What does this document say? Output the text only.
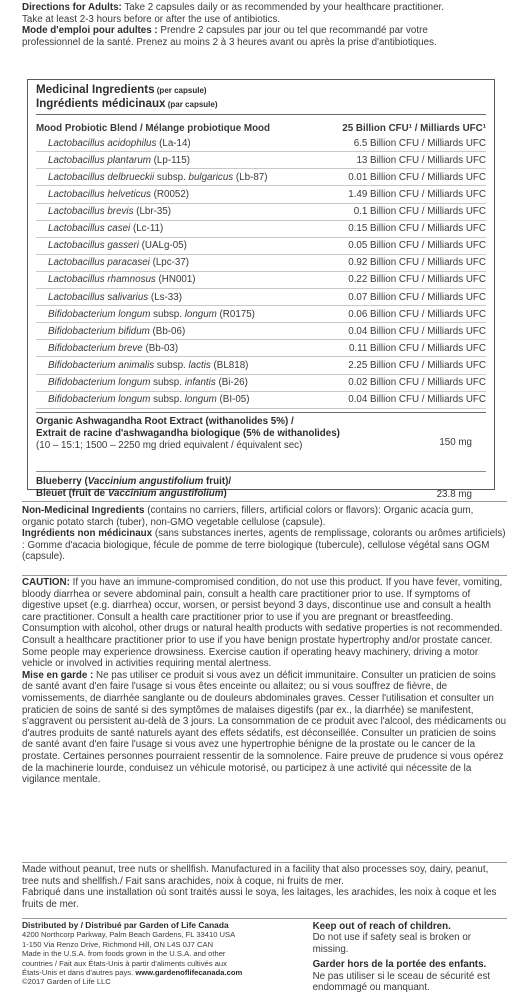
Directions for Adults: Take 2 capsules daily or as recommended by your healthcare practitioner.

Take at least 2-3 hours before or after the use of antibiotics.

Mode d'emploi pour adultes : Prendre 2 capsules par jour ou tel que recommandé par votre

professionnel de la santé. Prenez au moins 2 à 3 heures avant ou après la prise d'antibiotiques.

Medicinal Ingredients (per capsule)
Ingrédients médicinaux (par capsule)
Mood Probiotic Blend / Mélange probiotique Mood	25 Billion CFU¹ / Milliards UFC¹
Lactobacillus acidophilus (La-14)	6.5 Billion CFU / Milliards UFC
Lactobacillus plantarum (Lp-115)	13 Billion CFU / Milliards UFC
Lactobacillus delbrueckii subsp. bulgaricus (Lb-87)	0.01 Billion CFU / Milliards UFC
Lactobacillus helveticus (R0052)	1.49 Billion CFU / Milliards UFC
Lactobacillus brevis (Lbr-35)	0.1 Billion CFU / Milliards UFC
Lactobacillus casei (Lc-11)	0.15 Billion CFU / Milliards UFC
Lactobacillus gasseri (UALg-05)	0.05 Billion CFU / Milliards UFC
Lactobacillus paracasei (Lpc-37)	0.92 Billion CFU / Milliards UFC
Lactobacillus rhamnosus (HN001)	0.22 Billion CFU / Milliards UFC
Lactobacillus salivarius (Ls-33)	0.07 Billion CFU / Milliards UFC
Bifidobacterium longum subsp. longum (R0175)	0.06 Billion CFU / Milliards UFC
Bifidobacterium bifidum (Bb-06)	0.04 Billion CFU / Milliards UFC
Bifidobacterium breve (Bb-03)	0.11 Billion CFU / Milliards UFC
Bifidobacterium animalis subsp. lactis (BL818)	2.25 Billion CFU / Milliards UFC
Bifidobacterium longum subsp. infantis (Bi-26)	0.02 Billion CFU / Milliards UFC
Bifidobacterium longum subsp. longum (BI-05)	0.04 Billion CFU / Milliards UFC
Organic Ashwagandha Root Extract (withanolides 5%) /
Extrait de racine d'ashwagandha biologique (5% de withanolides)
(10 – 15:1; 1500 – 2250 mg dried equivalent / équivalent sec)	150 mg
Blueberry (Vaccinium angustifolium fruit)/
Bleuet (fruit de Vaccinium angustifolium)	23.8 mg

Non-Medicinal Ingredients (contains no carriers, fillers, artificial colors or flavors): Organic acacia gum, organic potato starch (tuber), non-GMO vegetable cellulose (capsule).

Ingrédients non médicinaux (sans substances inertes, agents de remplissage, colorants ou arômes artificiels) : Gomme d'acacia biologique, fécule de pomme de terre biologique (tubercule), cellulose végétal sans OGM (capsule).

CAUTION: If you have an immune-compromised condition, do not use this product. If you have fever, vomiting, bloody diarrhea or severe abdominal pain, consult a health care practitioner prior to use. If symptoms of digestive upset (e.g. diarrhea) occur, worsen, or persist beyond 3 days, discontinue use and consult a health care practitioner. Consult a health care practitioner prior to use if you are pregnant or breastfeeding. Consumption with alcohol, other drugs or natural health products with sedative properties is not recommended. Consult a healthcare practitioner prior to use if you have benign prostate hypertrophy and/or prostate cancer. Some people may experience drowsiness. Exercise caution if operating heavy machinery, driving a motor vehicle or involved in activities requiring mental alertness.

Mise en garde : Ne pas utiliser ce produit si vous avez un déficit immunitaire. Consulter un praticien de soins de santé avant d'en faire l'usage si vous êtes enceinte ou allaitez; ou si vous souffrez de fièvre, de vomissements, de diarrhée sanglante ou de douleurs abdominales graves. Cesser l'utilisation et consulter un praticien de soins de santé si des symptômes de malaises digestifs (par ex., la diarrhée) se manifestent, s'aggravent ou persistent au-delà de 3 jours. La consommation de ce produit avec l'alcool, des médicaments ou d'autres produits de santé naturels ayant des effets sédatifs, est déconseillée. Consulter un praticien de soins de santé avant d'en faire l'usage si vous avez une hypertrophie bénigne de la prostate ou le cancer de la prostate. Certaines personnes pourraient ressentir de la somnolence. Faire preuve de prudence si vous opérez de la machinerie lourde, conduisez un véhicule motorisé, ou participez à une activité qui nécessite de la vigilance mentale.

Made without peanut, tree nuts or shellfish. Manufactured in a facility that also processes soy, dairy, peanut, tree nuts and shellfish./ Fait sans arachides, noix à coque, ni fruits de mer.

Fabriqué dans une installation où sont traités aussi le soya, les laitages, les arachides, les noix à coque et les fruits de mer.

Distributed by / Distribué par Garden of Life Canada
4200 Northcorp Parkway, Palm Beach Gardens, FL 33410 USA
1-150 Via Renzo Drive, Richmond Hill, ON L4S 0J7 CAN
Made in the U.S.A. from foods grown in the U.S.A. and other
countries / Fait aux États-Unis à partir d'aliments cultivés aux
États-Unis et dans d'autres pays. www.gardenoflifecanada.com
©2017 Garden of Life LLC
Keep out of reach of children.
Do not use if safety seal is broken or missing.
Garder hors de la portée des enfants.
Ne pas utiliser si le sceau de sécurité est endommagé ou manquant.
